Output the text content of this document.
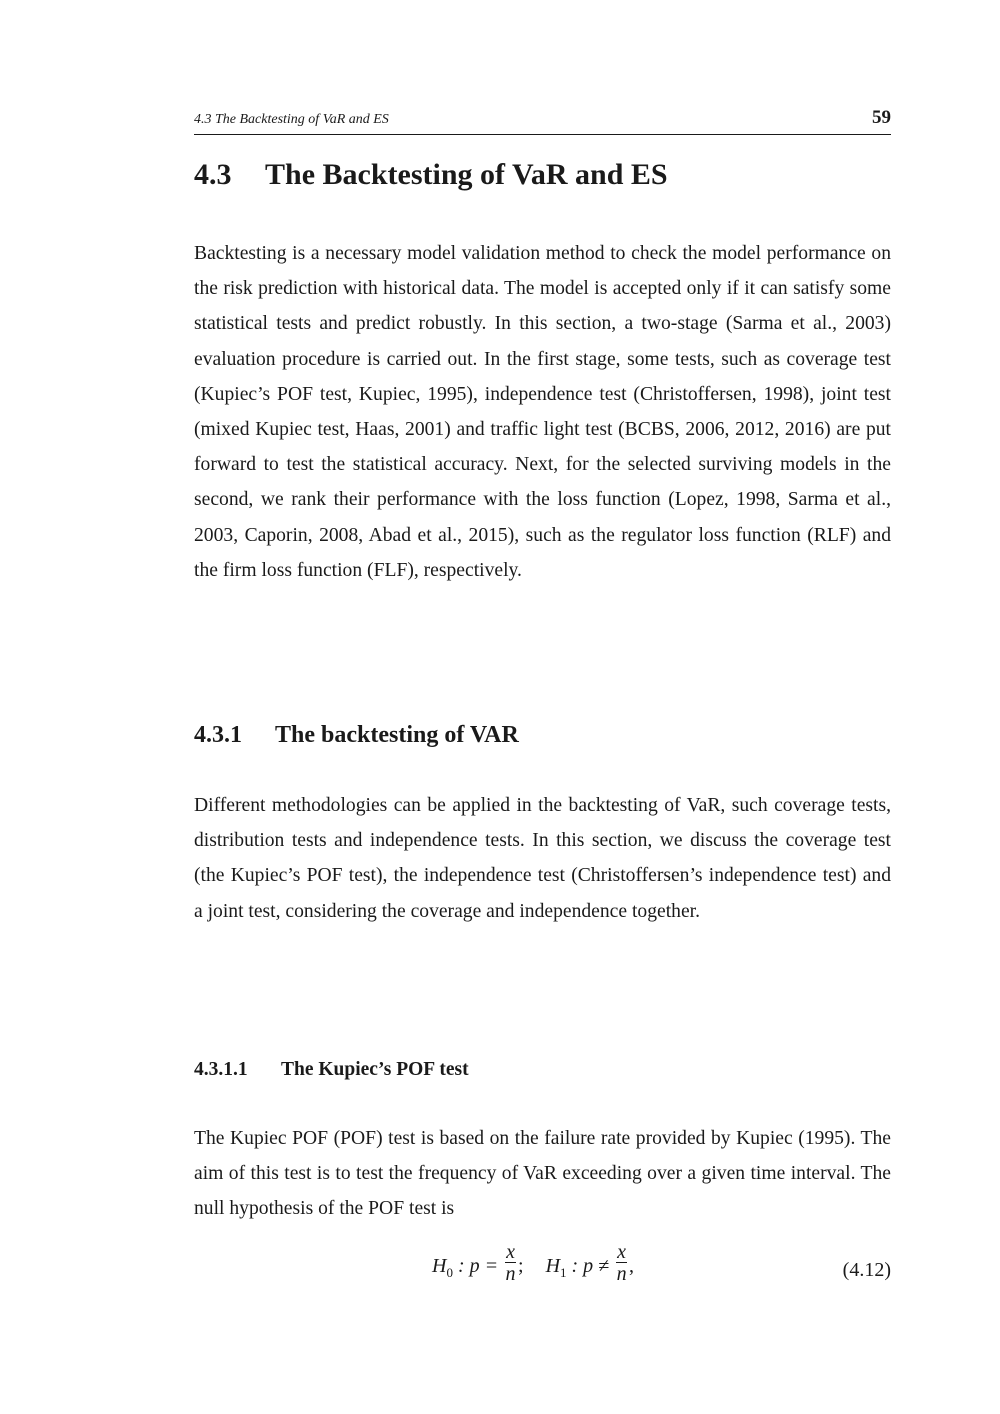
4.3 The Backtesting of VaR and ES	59
4.3 The Backtesting of VaR and ES

Backtesting is a necessary model validation method to check the model performance on the risk prediction with historical data. The model is accepted only if it can satisfy some statistical tests and predict robustly. In this section, a two-stage (Sarma et al., 2003) evaluation procedure is carried out. In the first stage, some tests, such as coverage test (Kupiec’s POF test, Kupiec, 1995), independence test (Christoffersen, 1998), joint test (mixed Kupiec test, Haas, 2001) and traffic light test (BCBS, 2006, 2012, 2016) are put forward to test the statistical accuracy. Next, for the selected surviving models in the second, we rank their performance with the loss function (Lopez, 1998, Sarma et al., 2003, Caporin, 2008, Abad et al., 2015), such as the regulator loss function (RLF) and the firm loss function (FLF), respectively.

4.3.1 The backtesting of VAR

Different methodologies can be applied in the backtesting of VaR, such coverage tests, distribution tests and independence tests. In this section, we discuss the coverage test (the Kupiec’s POF test), the independence test (Christoffersen’s independence test) and a joint test, considering the coverage and independence together.

4.3.1.1 The Kupiec’s POF test

The Kupiec POF (POF) test is based on the failure rate provided by Kupiec (1995). The aim of this test is to test the frequency of VaR exceeding over a given time interval. The null hypothesis of the POF test is

$H_0$ : $p = \frac{x}{n}$ ; $H_1$ : $p \ne \frac{x}{n}$ ,	(4.12)
